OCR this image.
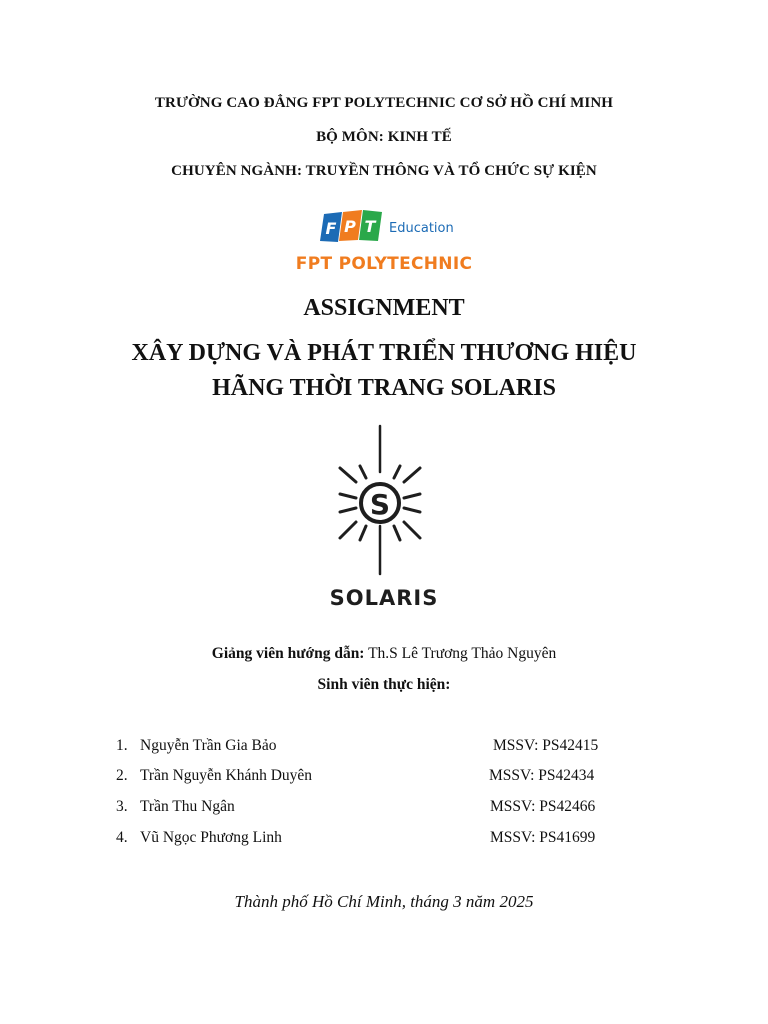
TRƯỜNG CAO ĐẲNG FPT POLYTECHNIC CƠ SỞ HỒ CHÍ MINH
BỘ MÔN: KINH TẾ
CHUYÊN NGÀNH: TRUYỀN THÔNG VÀ TỔ CHỨC SỰ KIỆN
F P T Education
FPT POLYTECHNIC
ASSIGNMENT
XÂY DỰNG VÀ PHÁT TRIỂN THƯƠNG HIỆU
HÃNG THỜI TRANG SOLARIS
S
SOLARIS
Giảng viên hướng dẫn: Th.S Lê Trương Thảo Nguyên
Sinh viên thực hiện:
1. Nguyễn Trần Gia Bảo	MSSV: PS42415
2. Trần Nguyễn Khánh Duyên	MSSV: PS42434
3. Trần Thu Ngân	MSSV: PS42466
4. Vũ Ngọc Phương Linh	MSSV: PS41699
Thành phố Hồ Chí Minh, tháng 3 năm 2025
